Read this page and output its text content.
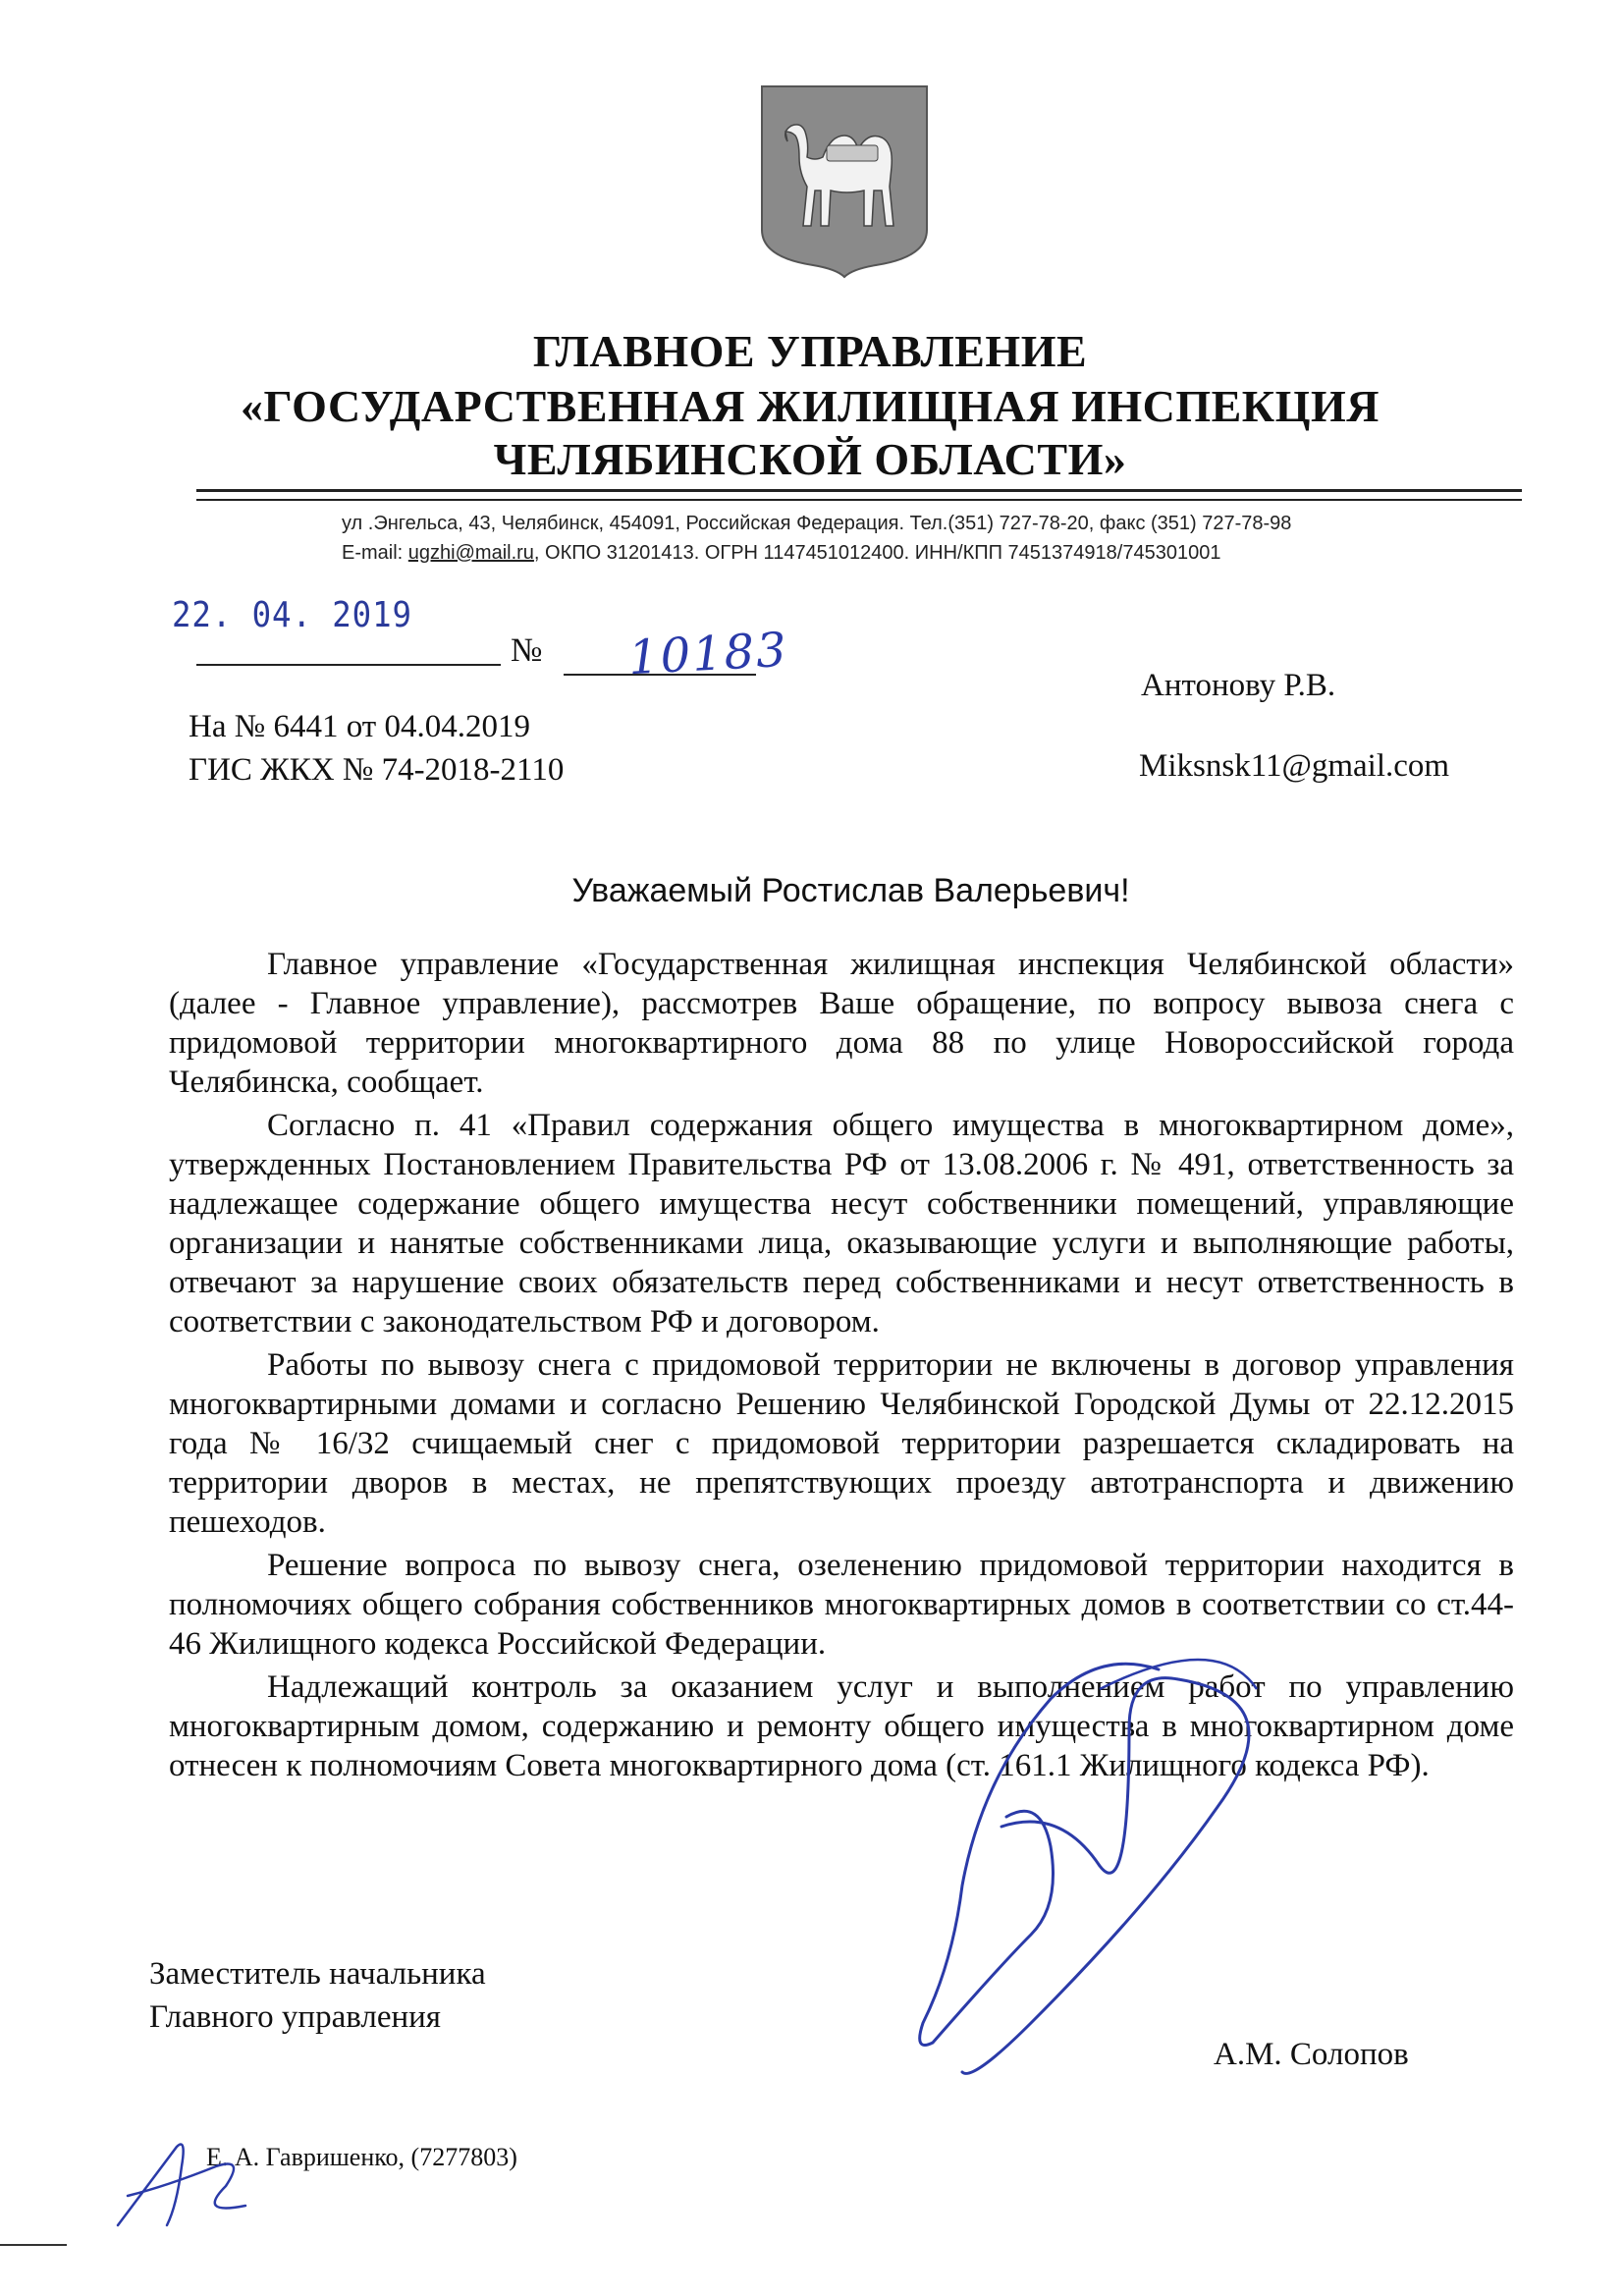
ГЛАВНОЕ УПРАВЛЕНИЕ
«ГОСУДАРСТВЕННАЯ ЖИЛИЩНАЯ ИНСПЕКЦИЯ
ЧЕЛЯБИНСКОЙ ОБЛАСТИ»
ул .Энгельса, 43, Челябинск, 454091, Российская Федерация. Тел.(351) 727-78-20, факс (351) 727-78-98
E-mail: ugzhi@mail.ru, ОКПО 31201413. ОГРН 1147451012400. ИНН/КПП 7451374918/745301001
22. 04. 2019
№ 10183
На № 6441 от 04.04.2019
ГИС ЖКХ № 74-2018-2110
Антонову Р.В.
Miksnsk11@gmail.com
Уважаемый Ростислав Валерьевич!

Главное управление «Государственная жилищная инспекция Челябинской области» (далее - Главное управление), рассмотрев Ваше обращение, по вопросу вывоза снега с придомовой территории многоквартирного дома 88 по улице Новороссийской города Челябинска, сообщает.

Согласно п. 41 «Правил содержания общего имущества в многоквартирном доме», утвержденных Постановлением Правительства РФ от 13.08.2006 г. № 491, ответственность за надлежащее содержание общего имущества несут собственники помещений, управляющие организации и нанятые собственниками лица, оказывающие услуги и выполняющие работы, отвечают за нарушение своих обязательств перед собственниками и несут ответственность в соответствии с законодательством РФ и договором.

Работы по вывозу снега с придомовой территории не включены в договор управления многоквартирными домами и согласно Решению Челябинской Городской Думы от 22.12.2015 года № 16/32 счищаемый снег с придомовой территории разрешается складировать на территории дворов в местах, не препятствующих проезду автотранспорта и движению пешеходов.

Решение вопроса по вывозу снега, озеленению придомовой территории находится в полномочиях общего собрания собственников многоквартирных домов в соответствии со ст.44-46 Жилищного кодекса Российской Федерации.

Надлежащий контроль за оказанием услуг и выполнением работ по управлению многоквартирным домом, содержанию и ремонту общего имущества в многоквартирном доме отнесен к полномочиям Совета многоквартирного дома (ст. 161.1 Жилищного кодекса РФ).

Заместитель начальника
Главного управления
А.М. Солопов
Е. А. Гавришенко, (7277803)
